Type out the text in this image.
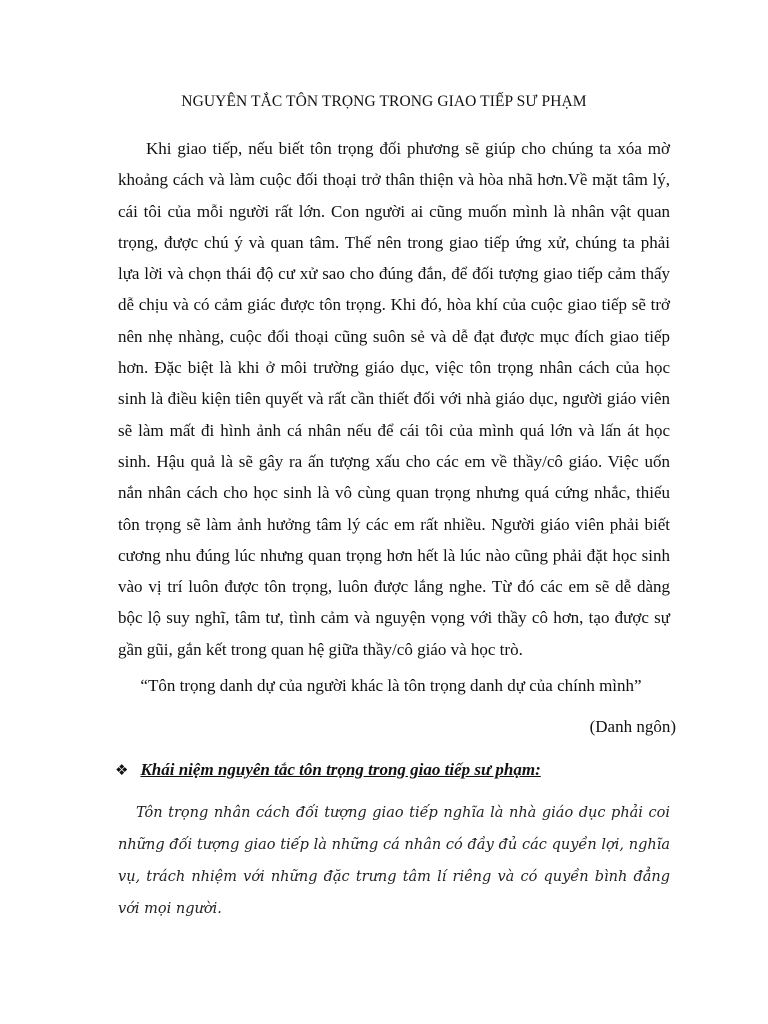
NGUYÊN TẮC TÔN TRỌNG TRONG GIAO TIẾP SƯ PHẠM

Khi giao tiếp, nếu biết tôn trọng đối phương sẽ giúp cho chúng ta xóa mờ khoảng cách và làm cuộc đối thoại trở thân thiện và hòa nhã hơn.Về mặt tâm lý, cái tôi của mỗi người rất lớn. Con người ai cũng muốn mình là nhân vật quan trọng, được chú ý và quan tâm. Thế nên trong giao tiếp ứng xử, chúng ta phải lựa lời và chọn thái độ cư xử sao cho đúng đắn, để đối tượng giao tiếp cảm thấy dễ chịu và có cảm giác được tôn trọng. Khi đó, hòa khí của cuộc giao tiếp sẽ trở nên nhẹ nhàng, cuộc đối thoại cũng suôn sẻ và dễ đạt được mục đích giao tiếp hơn. Đặc biệt là khi ở môi trường giáo dục, việc tôn trọng nhân cách của học sinh là điều kiện tiên quyết và rất cần thiết đối với nhà giáo dục, người giáo viên sẽ làm mất đi hình ảnh cá nhân nếu để cái tôi của mình quá lớn và lấn át học sinh. Hậu quả là sẽ gây ra ấn tượng xấu cho các em về thầy/cô giáo. Việc uốn nắn nhân cách cho học sinh là vô cùng quan trọng nhưng quá cứng nhắc, thiếu tôn trọng sẽ làm ảnh hưởng tâm lý các em rất nhiều. Người giáo viên phải biết cương nhu đúng lúc nhưng quan trọng hơn hết là lúc nào cũng phải đặt học sinh vào vị trí luôn được tôn trọng, luôn được lắng nghe. Từ đó các em sẽ dễ dàng bộc lộ suy nghĩ, tâm tư, tình cảm và nguyện vọng với thầy cô hơn, tạo được sự gần gũi, gắn kết trong quan hệ giữa thầy/cô giáo và học trò.

“Tôn trọng danh dự của người khác là tôn trọng danh dự của chính mình”

(Danh ngôn)

❖ Khái niệm nguyên tắc tôn trọng trong giao tiếp sư phạm:

Tôn trọng nhân cách đối tượng giao tiếp nghĩa là nhà giáo dục phải coi những đối tượng giao tiếp là những cá nhân có đầy đủ các quyền lợi, nghĩa vụ, trách nhiệm với những đặc trưng tâm lí riêng và có quyền bình đẳng với mọi người.
